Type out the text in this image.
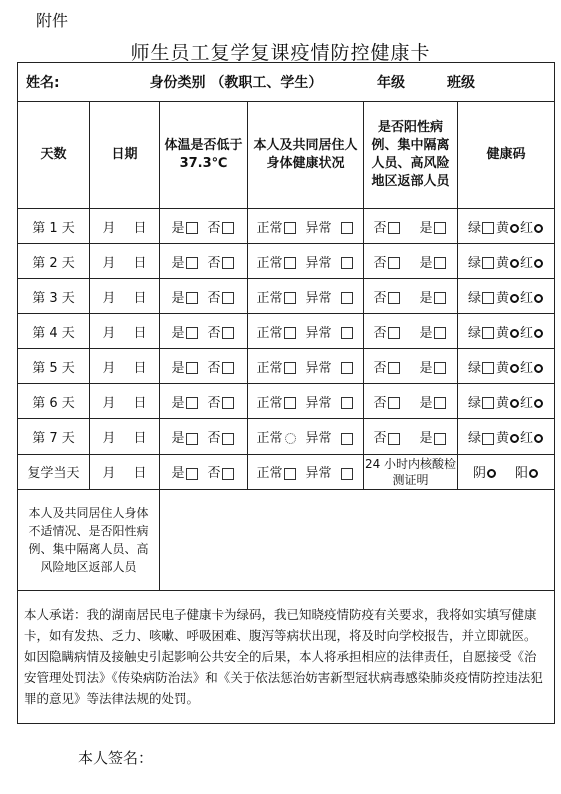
附件
师生员工复学复课疫情防控健康卡
姓名: 身份类别 （教职工、学生） 年级 班级					

天数	日期	体温是否低于 37.3℃	本人及共同居住人身体健康状况	是否阳性病例、集中隔离人员、高风险地区返部人员	健康码

第 1 天	月 日	是 否	正常 异常	否 是	绿 黄 红
第 2 天	月 日	是 否	正常 异常	否 是	绿 黄 红
第 3 天	月 日	是 否	正常 异常	否 是	绿 黄 红
第 4 天	月 日	是 否	正常 异常	否 是	绿 黄 红
第 5 天	月 日	是 否	正常 异常	否 是	绿 黄 红
第 6 天	月 日	是 否	正常 异常	否 是	绿 黄 红
第 7 天	月 日	是 否	正常 异常	否 是	绿 黄 红
复学当天	月 日	是 否	正常 异常	24 小时内核酸检测证明	阴 阳

本人及共同居住人身体不适情况、是否阳性病例、集中隔离人员、高风险地区返部人员					

本人承诺：我的湖南居民电子健康卡为绿码，我已知晓疫情防疫有关要求，我将如实填写健康卡，如有发热、乏力、咳嗽、呼吸困难、腹泻等病状出现，将及时向学校报告，并立即就医。如因隐瞒病情及接触史引起影响公共安全的后果，本人将承担相应的法律责任，自愿接受《治安管理处罚法》《传染病防治法》和《关于依法惩治妨害新型冠状病毒感染肺炎疫情防控违法犯罪的意见》等法律法规的处罚。					
本人签名：
